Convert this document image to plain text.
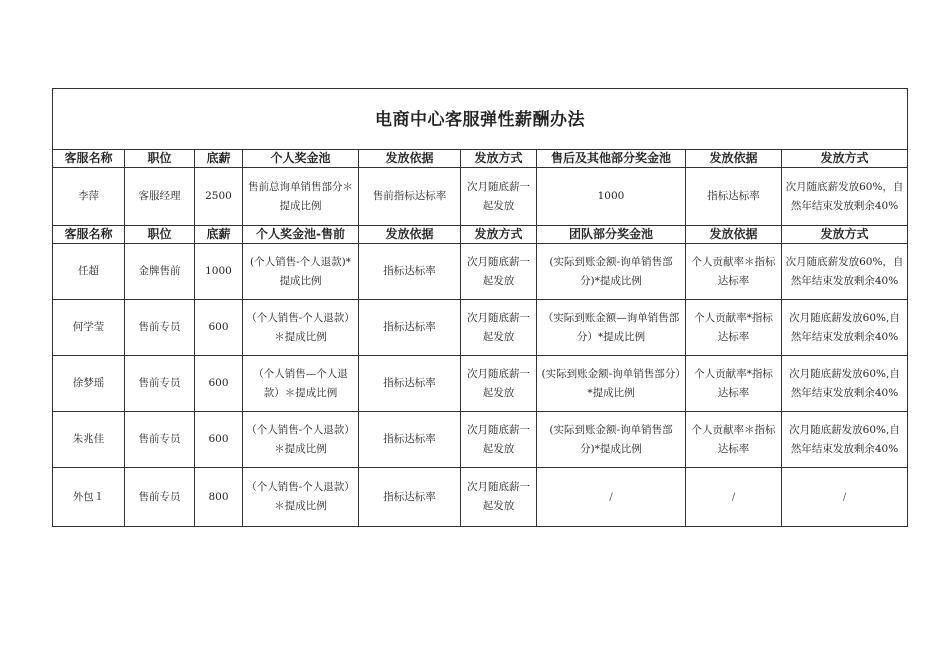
电商中心客服弹性薪酬办法								
客服名称	职位	底薪	个人奖金池	发放依据	发放方式	售后及其他部分奖金池	发放依据	发放方式
李萍	客服经理	2500	售前总询单销售部分＊提成比例	售前指标达标率	次月随底薪一起发放	1000	指标达标率	次月随底薪发放60%，自然年结束发放剩余40%
客服名称	职位	底薪	个人奖金池-售前	发放依据	发放方式	团队部分奖金池	发放依据	发放方式
任超	金牌售前	1000	(个人销售-个人退款)*提成比例	指标达标率	次月随底薪一起发放	(实际到账金额-询单销售部分)*提成比例	个人贡献率＊指标达标率	次月随底薪发放60%，自然年结束发放剩余40%
何学莹	售前专员	600	（个人销售-个人退款）＊提成比例	指标达标率	次月随底薪一起发放	（实际到账金额—询单销售部分）*提成比例	个人贡献率*指标达标率	次月随底薪发放60%,自然年结束发放剩余40%
徐梦瑶	售前专员	600	（个人销售—个人退款）＊提成比例	指标达标率	次月随底薪一起发放	(实际到账金额-询单销售部分）*提成比例	个人贡献率*指标达标率	次月随底薪发放60%,自然年结束发放剩余40%
朱兆佳	售前专员	600	（个人销售-个人退款）＊提成比例	指标达标率	次月随底薪一起发放	(实际到账金额-询单销售部分)*提成比例	个人贡献率＊指标达标率	次月随底薪发放60%,自然年结束发放剩余40%
外包１	售前专员	800	（个人销售-个人退款）＊提成比例	指标达标率	次月随底薪一起发放	/	/	/
